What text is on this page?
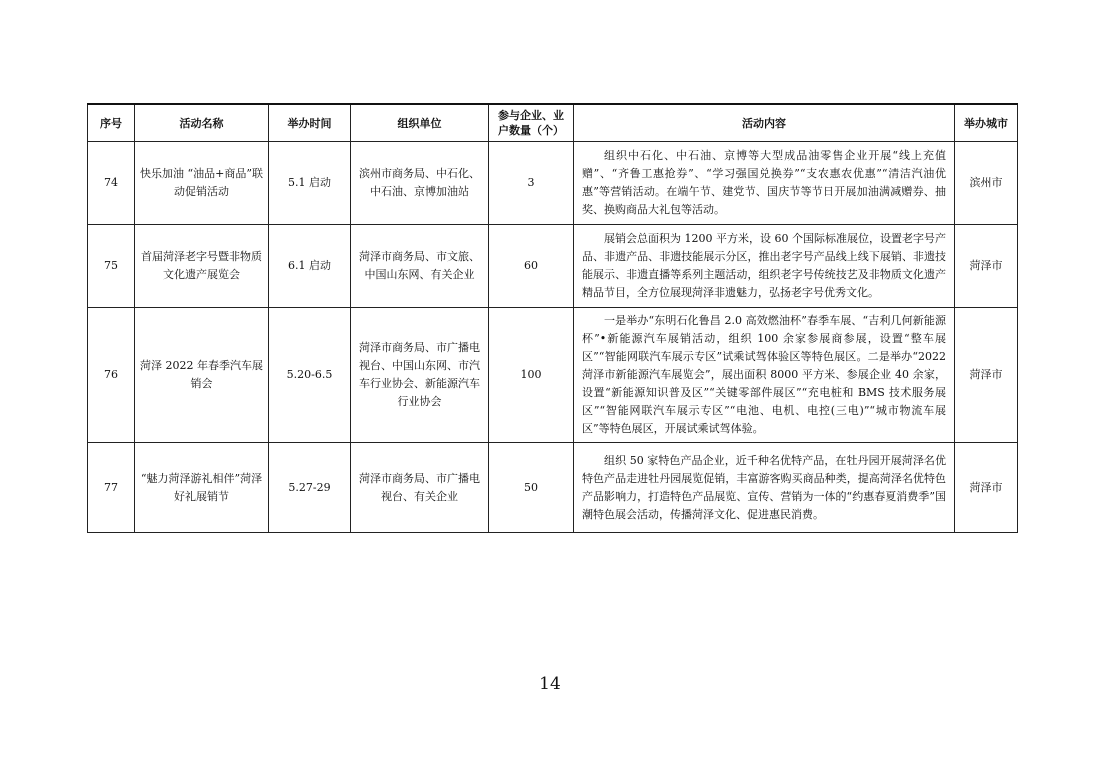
序号	活动名称	举办时间	组织单位	参与企业、业户数量（个）	活动内容	举办城市
74	快乐加油 “油品+商品”联动促销活动	5.1 启动	滨州市商务局、中石化、中石油、京博加油站	3	组织中石化、中石油、京博等大型成品油零售企业开展“线上充值赠”、“齐鲁工惠抢券”、“学习强国兑换券”“支农惠农优惠”“清洁汽油优惠”等营销活动。在端午节、建党节、国庆节等节日开展加油满减赠券、抽奖、换购商品大礼包等活动。	滨州市
75	首届菏泽老字号暨非物质文化遗产展览会	6.1 启动	菏泽市商务局、市文旅、中国山东网、有关企业	60	展销会总面积为 1200 平方米，设 60 个国际标准展位，设置老字号产品、非遗产品、非遗技能展示分区，推出老字号产品线上线下展销、非遗技能展示、非遗直播等系列主题活动，组织老字号传统技艺及非物质文化遗产精品节目，全方位展现菏泽非遗魅力，弘扬老字号优秀文化。	菏泽市
76	菏泽 2022 年春季汽车展销会	5.20-6.5	菏泽市商务局、市广播电视台、中国山东网、市汽车行业协会、新能源汽车行业协会	100	一是举办“东明石化鲁昌 2.0 高效燃油杯”春季车展、“吉利几何新能源杯”•新能源汽车展销活动，组织 100 余家参展商参展，设置“整车展区”“智能网联汽车展示专区”试乘试驾体验区等特色展区。二是举办“2022 菏泽市新能源汽车展览会”，展出面积 8000 平方米、参展企业 40 余家，设置“新能源知识普及区”“关键零部件展区”“充电桩和 BMS 技术服务展区”“智能网联汽车展示专区”“电池、电机、电控(三电)”“城市物流车展区”等特色展区，开展试乘试驾体验。	菏泽市
77	“魅力菏泽游礼相伴”菏泽好礼展销节	5.27-29	菏泽市商务局、市广播电视台、有关企业	50	组织 50 家特色产品企业，近千种名优特产品，在牡丹园开展菏泽名优特色产品走进牡丹园展览促销，丰富游客购买商品种类，提高菏泽名优特色产品影响力，打造特色产品展览、宣传、营销为一体的“约惠春夏消费季”国潮特色展会活动，传播菏泽文化、促进惠民消费。	菏泽市
14
